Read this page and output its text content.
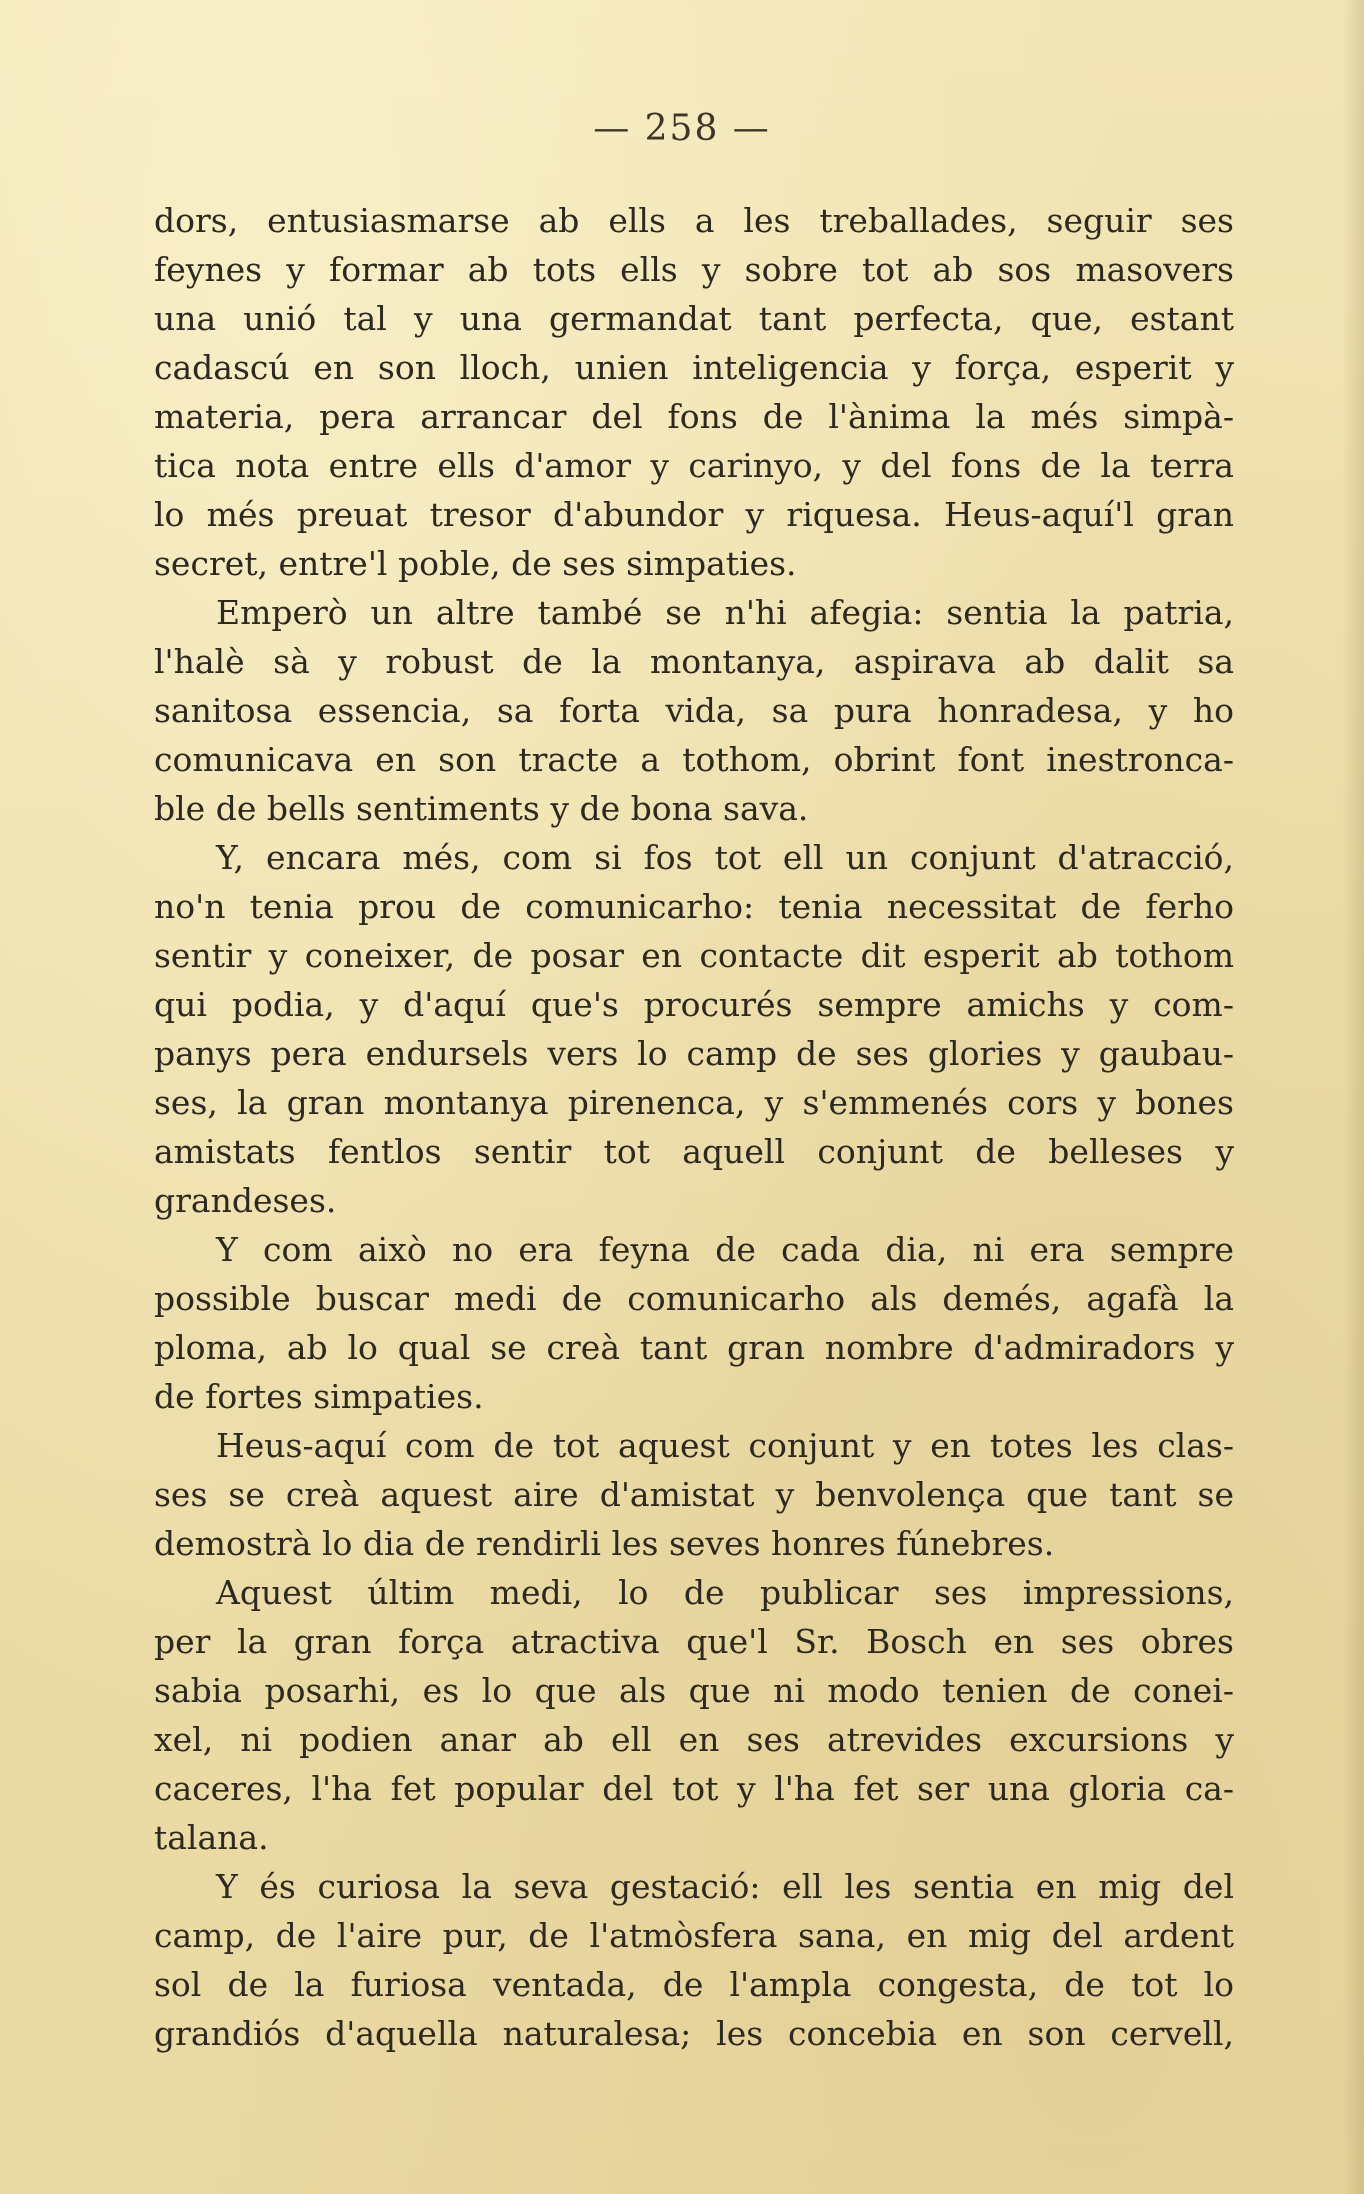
— 258 —
dors, entusiasmarse ab ells a les treballades, seguir ses
feynes y formar ab tots ells y sobre tot ab sos masovers
una unió tal y una germandat tant perfecta, que, estant
cadascú en son lloch, unien inteligencia y força, esperit y
materia, pera arrancar del fons de l'ànima la més simpà-
tica nota entre ells d'amor y carinyo, y del fons de la terra
lo més preuat tresor d'abundor y riquesa. Heus-aquí'l gran
secret, entre'l poble, de ses simpaties.
Emperò un altre també se n'hi afegia: sentia la patria,
l'halè sà y robust de la montanya, aspirava ab dalit sa
sanitosa essencia, sa forta vida, sa pura honradesa, y ho
comunicava en son tracte a tothom, obrint font inestronca-
ble de bells sentiments y de bona sava.
Y, encara més, com si fos tot ell un conjunt d'atracció,
no'n tenia prou de comunicarho: tenia necessitat de ferho
sentir y coneixer, de posar en contacte dit esperit ab tothom
qui podia, y d'aquí que's procurés sempre amichs y com-
panys pera endursels vers lo camp de ses glories y gaubau-
ses, la gran montanya pirenenca, y s'emmenés cors y bones
amistats fentlos sentir tot aquell conjunt de belleses y
grandeses.
Y com això no era feyna de cada dia, ni era sempre
possible buscar medi de comunicarho als demés, agafà la
ploma, ab lo qual se creà tant gran nombre d'admiradors y
de fortes simpaties.
Heus-aquí com de tot aquest conjunt y en totes les clas-
ses se creà aquest aire d'amistat y benvolença que tant se
demostrà lo dia de rendirli les seves honres fúnebres.
Aquest últim medi, lo de publicar ses impressions,
per la gran força atractiva que'l Sr. Bosch en ses obres
sabia posarhi, es lo que als que ni modo tenien de conei-
xel, ni podien anar ab ell en ses atrevides excursions y
caceres, l'ha fet popular del tot y l'ha fet ser una gloria ca-
talana.
Y és curiosa la seva gestació: ell les sentia en mig del
camp, de l'aire pur, de l'atmòsfera sana, en mig del ardent
sol de la furiosa ventada, de l'ampla congesta, de tot lo
grandiós d'aquella naturalesa; les concebia en son cervell,
